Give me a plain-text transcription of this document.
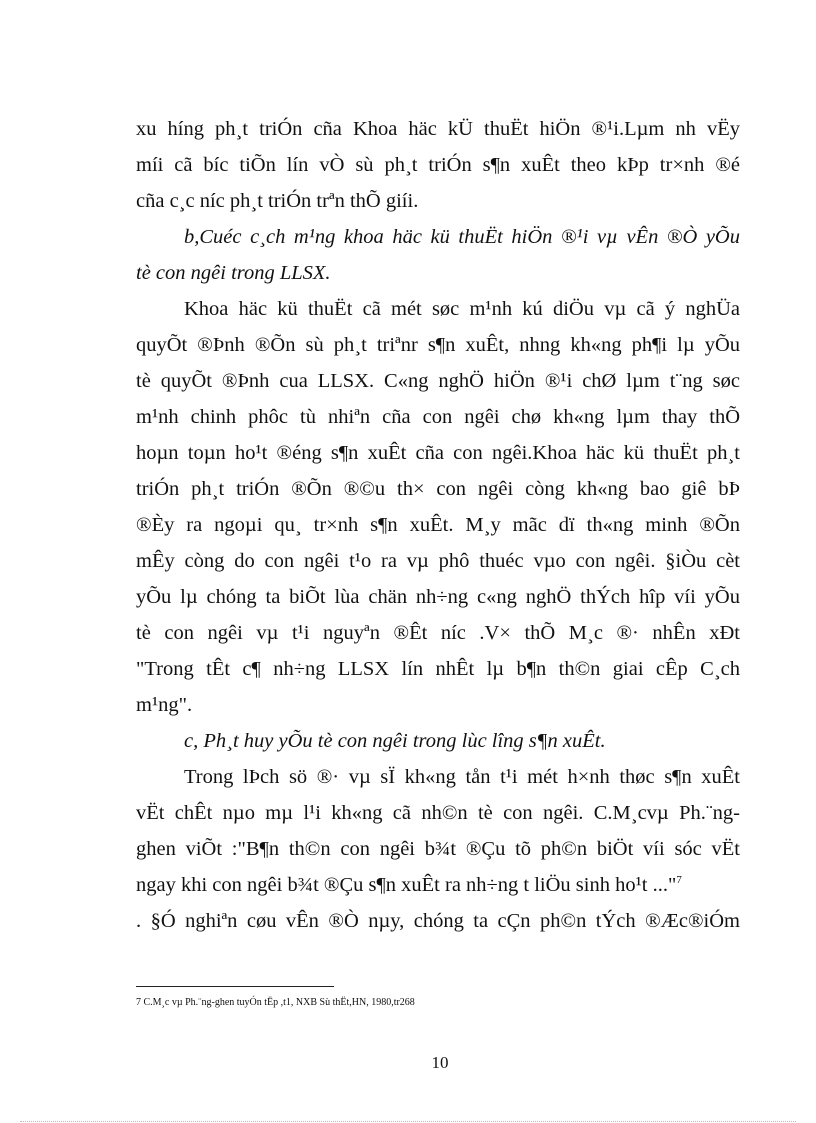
xu híng ph¸t triÓn cña Khoa häc kÜ thuËt hiÖn ®¹i.Lµm nh vËy
míi cã bíc tiÕn lín vÒ sù ph¸t triÓn s¶n xuÊt theo kÞp tr×nh ®é
cña c¸c níc ph¸t triÓn trªn thÕ giíi.
b,Cuéc c¸ch m¹ng khoa häc kü thuËt hiÖn ®¹i vµ vÊn ®Ò yÕu
tè con ngêi trong LLSX.
Khoa häc kü thuËt cã mét søc m¹nh kú diÖu vµ cã ý nghÜa
quyÕt ®Þnh ®Õn sù ph¸t triªnr s¶n xuÊt, nhng kh«ng ph¶i lµ yÕu
tè quyÕt ®Þnh cua LLSX. C«ng nghÖ hiÖn ®¹i chØ lµm t¨ng søc
m¹nh chinh phôc tù nhiªn cña con ngêi chø kh«ng lµm thay thÕ
hoµn toµn ho¹t ®éng s¶n xuÊt cña con ngêi.Khoa häc kü thuËt ph¸t
triÓn ph¸t triÓn ®Õn ®©u th× con ngêi còng kh«ng bao giê bÞ
®Èy ra ngoµi qu¸ tr×nh s¶n xuÊt. M¸y mãc dï th«ng minh ®Õn
mÊy còng do con ngêi t¹o ra vµ phô thuéc vµo con ngêi. §iÒu cèt
yÕu lµ chóng ta biÕt lùa chän nh÷ng c«ng nghÖ thÝch hîp víi yÕu
tè con ngêi vµ t¹i nguyªn ®Êt níc .V× thÕ M¸c ®· nhÊn xÐt
"Trong tÊt c¶ nh÷ng LLSX lín nhÊt lµ b¶n th©n giai cÊp C¸ch
m¹ng".
c, Ph¸t huy yÕu tè con ngêi trong lùc lîng s¶n xuÊt.
Trong lÞch sö ®· vµ sÏ kh«ng tån t¹i mét h×nh thøc s¶n xuÊt
vËt chÊt nµo mµ l¹i kh«ng cã nh©n tè con ngêi. C.M¸cvµ Ph.¨ng-
ghen viÕt :"B¶n th©n con ngêi b¾t ®Çu tõ ph©n biÖt víi sóc vËt
ngay khi con ngêi b¾t ®Çu s¶n xuÊt ra nh÷ng t liÖu sinh ho¹t ..."$^7$
. §Ó nghiªn cøu vÊn ®Ò nµy, chóng ta cÇn ph©n tÝch ®Æc®iÓm
7 C.M¸c vµ Ph.¨ng-ghen tuyÓn tËp ,t1, NXB Sù thËt,HN, 1980,tr268
10
